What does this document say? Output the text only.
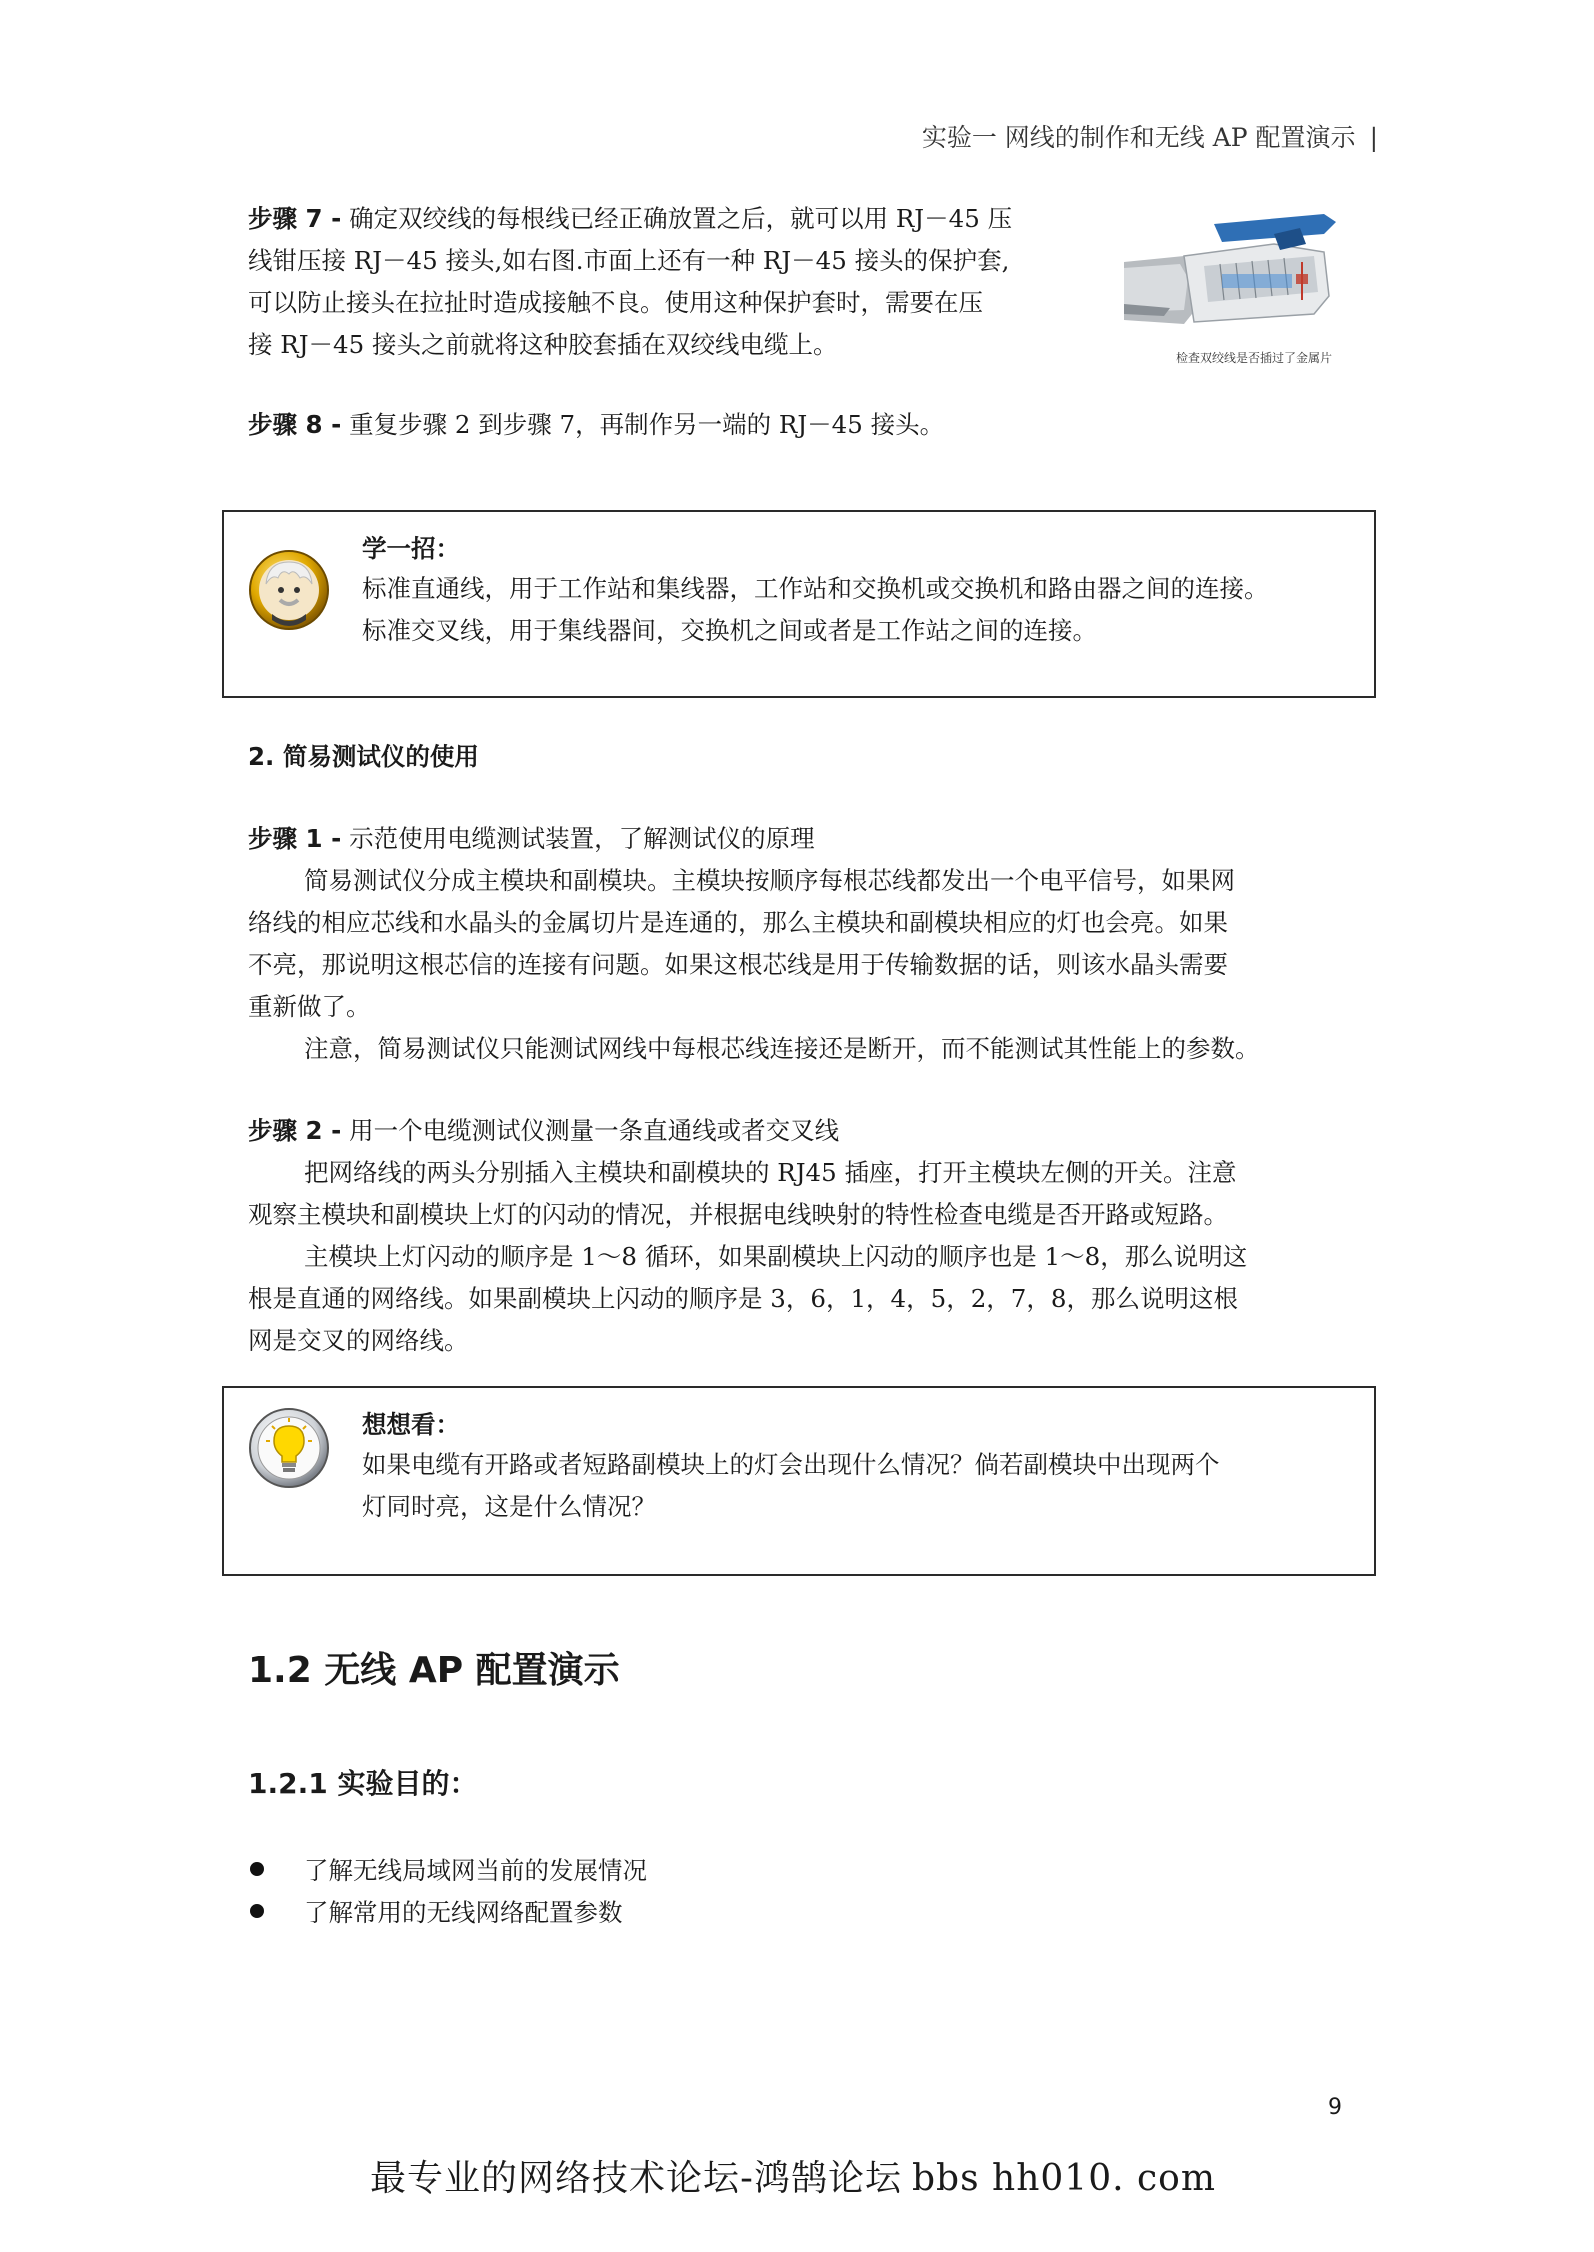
实验一 网线的制作和无线 AP 配置演示 |
步骤 7 - 确定双绞线的每根线已经正确放置之后，就可以用 RJ－45 压
线钳压接 RJ－45 接头,如右图.市面上还有一种 RJ－45 接头的保护套,
可以防止接头在拉扯时造成接触不良。使用这种保护套时，需要在压
接 RJ－45 接头之前就将这种胶套插在双绞线电缆上。	检查双绞线是否插过了金属片
步骤 8 - 重复步骤 2 到步骤 7，再制作另一端的 RJ－45 接头。
学一招：
标准直通线，用于工作站和集线器，工作站和交换机或交换机和路由器之间的连接。
标准交叉线，用于集线器间，交换机之间或者是工作站之间的连接。
2. 简易测试仪的使用
步骤 1 - 示范使用电缆测试装置，了解测试仪的原理
简易测试仪分成主模块和副模块。主模块按顺序每根芯线都发出一个电平信号，如果网
络线的相应芯线和水晶头的金属切片是连通的，那么主模块和副模块相应的灯也会亮。如果
不亮，那说明这根芯信的连接有问题。如果这根芯线是用于传输数据的话，则该水晶头需要
重新做了。
注意，简易测试仪只能测试网线中每根芯线连接还是断开，而不能测试其性能上的参数。
步骤 2 - 用一个电缆测试仪测量一条直通线或者交叉线
把网络线的两头分别插入主模块和副模块的 RJ45 插座，打开主模块左侧的开关。注意
观察主模块和副模块上灯的闪动的情况，并根据电线映射的特性检查电缆是否开路或短路。
主模块上灯闪动的顺序是 1～8 循环，如果副模块上闪动的顺序也是 1～8，那么说明这
根是直通的网络线。如果副模块上闪动的顺序是 3，6，1，4，5，2，7，8，那么说明这根
网是交叉的网络线。
想想看：
如果电缆有开路或者短路副模块上的灯会出现什么情况？倘若副模块中出现两个
灯同时亮，这是什么情况？
1.2 无线 AP 配置演示
1.2.1 实验目的：
了解无线局域网当前的发展情况
了解常用的无线网络配置参数
9
最专业的网络技术论坛-鸿鹄论坛 bbs hh010. com
